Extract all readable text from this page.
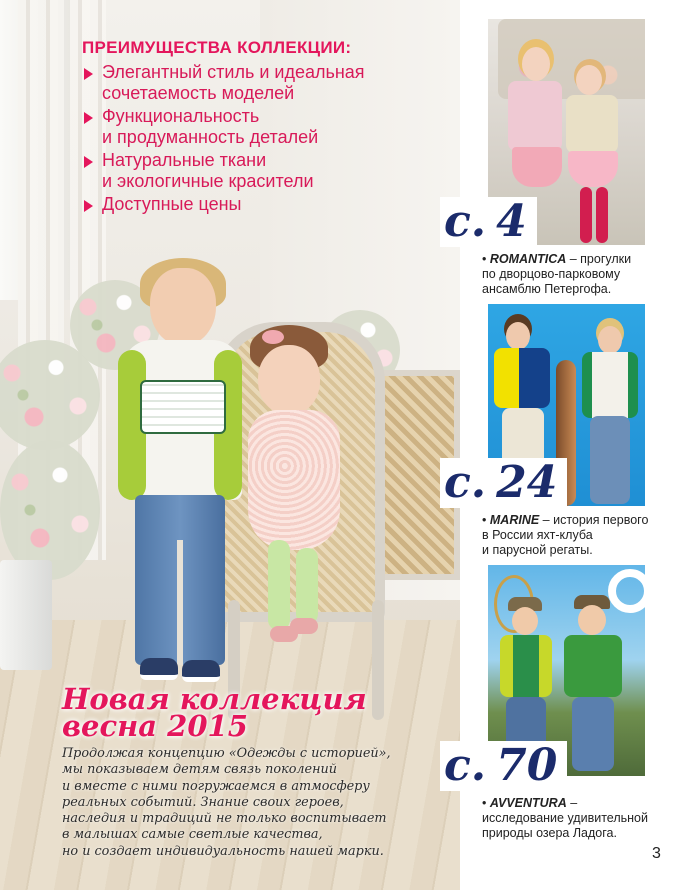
ПРЕИМУЩЕСТВА КОЛЛЕКЦИИ:
Элегантный стиль и идеальная
сочетаемость моделей
Функциональность
и продуманность деталей
Натуральные ткани
и экологичные красители
Доступные цены
Новая коллекция
весна 2015
Продолжая концепцию «Одежды с историей»,
мы показываем детям связь поколений
и вместе с ними погружаемся в атмосферу
реальных событий. Знание своих героев,
наследия и традиций не только воспитывает
в малышах самые светлые качества,
но и создает индивидуальность нашей марки.
с. 4
с. 24
с. 70
• ROMANTICA – прогулки
по дворцово-парковому
ансамблю Петергофа.
• MARINE – история первого
в России яхт-клуба
и парусной регаты.
• AVVENTURA –
исследование удивительной
природы озера Ладога.
3
